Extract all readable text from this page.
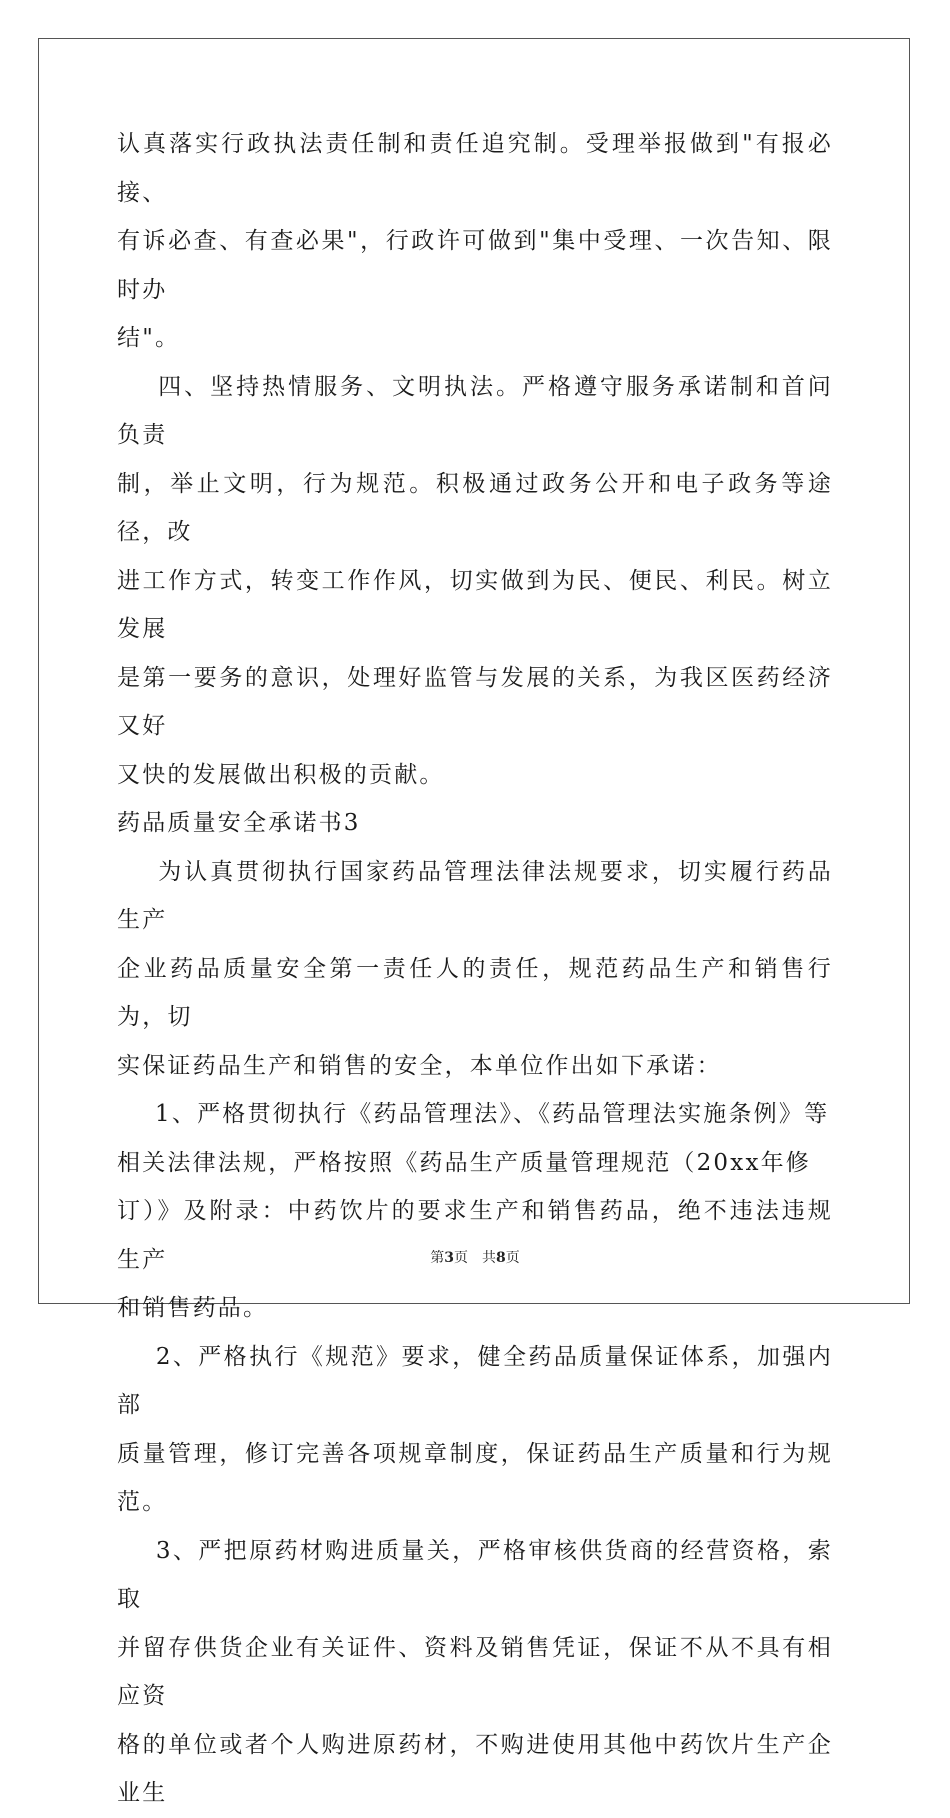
认真落实行政执法责任制和责任追究制。受理举报做到"有报必接、

有诉必查、有查必果"，行政许可做到"集中受理、一次告知、限时办

结"。

四、坚持热情服务、文明执法。严格遵守服务承诺制和首问负责

制，举止文明，行为规范。积极通过政务公开和电子政务等途径，改

进工作方式，转变工作作风，切实做到为民、便民、利民。树立发展

是第一要务的意识，处理好监管与发展的关系，为我区医药经济又好

又快的发展做出积极的贡献。

药品质量安全承诺书3

为认真贯彻执行国家药品管理法律法规要求，切实履行药品生产

企业药品质量安全第一责任人的责任，规范药品生产和销售行为，切

实保证药品生产和销售的安全，本单位作出如下承诺：

1、严格贯彻执行《药品管理法》、《药品管理法实施条例》等

相关法律法规，严格按照《药品生产质量管理规范（20xx年修

订）》及附录：中药饮片的要求生产和销售药品，绝不违法违规生产

和销售药品。

2、严格执行《规范》要求，健全药品质量保证体系，加强内部

质量管理，修订完善各项规章制度，保证药品生产质量和行为规范。

3、严把原药材购进质量关，严格审核供货商的经营资格，索取

并留存供货企业有关证件、资料及销售凭证，保证不从不具有相应资

格的单位或者个人购进原药材，不购进使用其他中药饮片生产企业生

第3页　共8页
